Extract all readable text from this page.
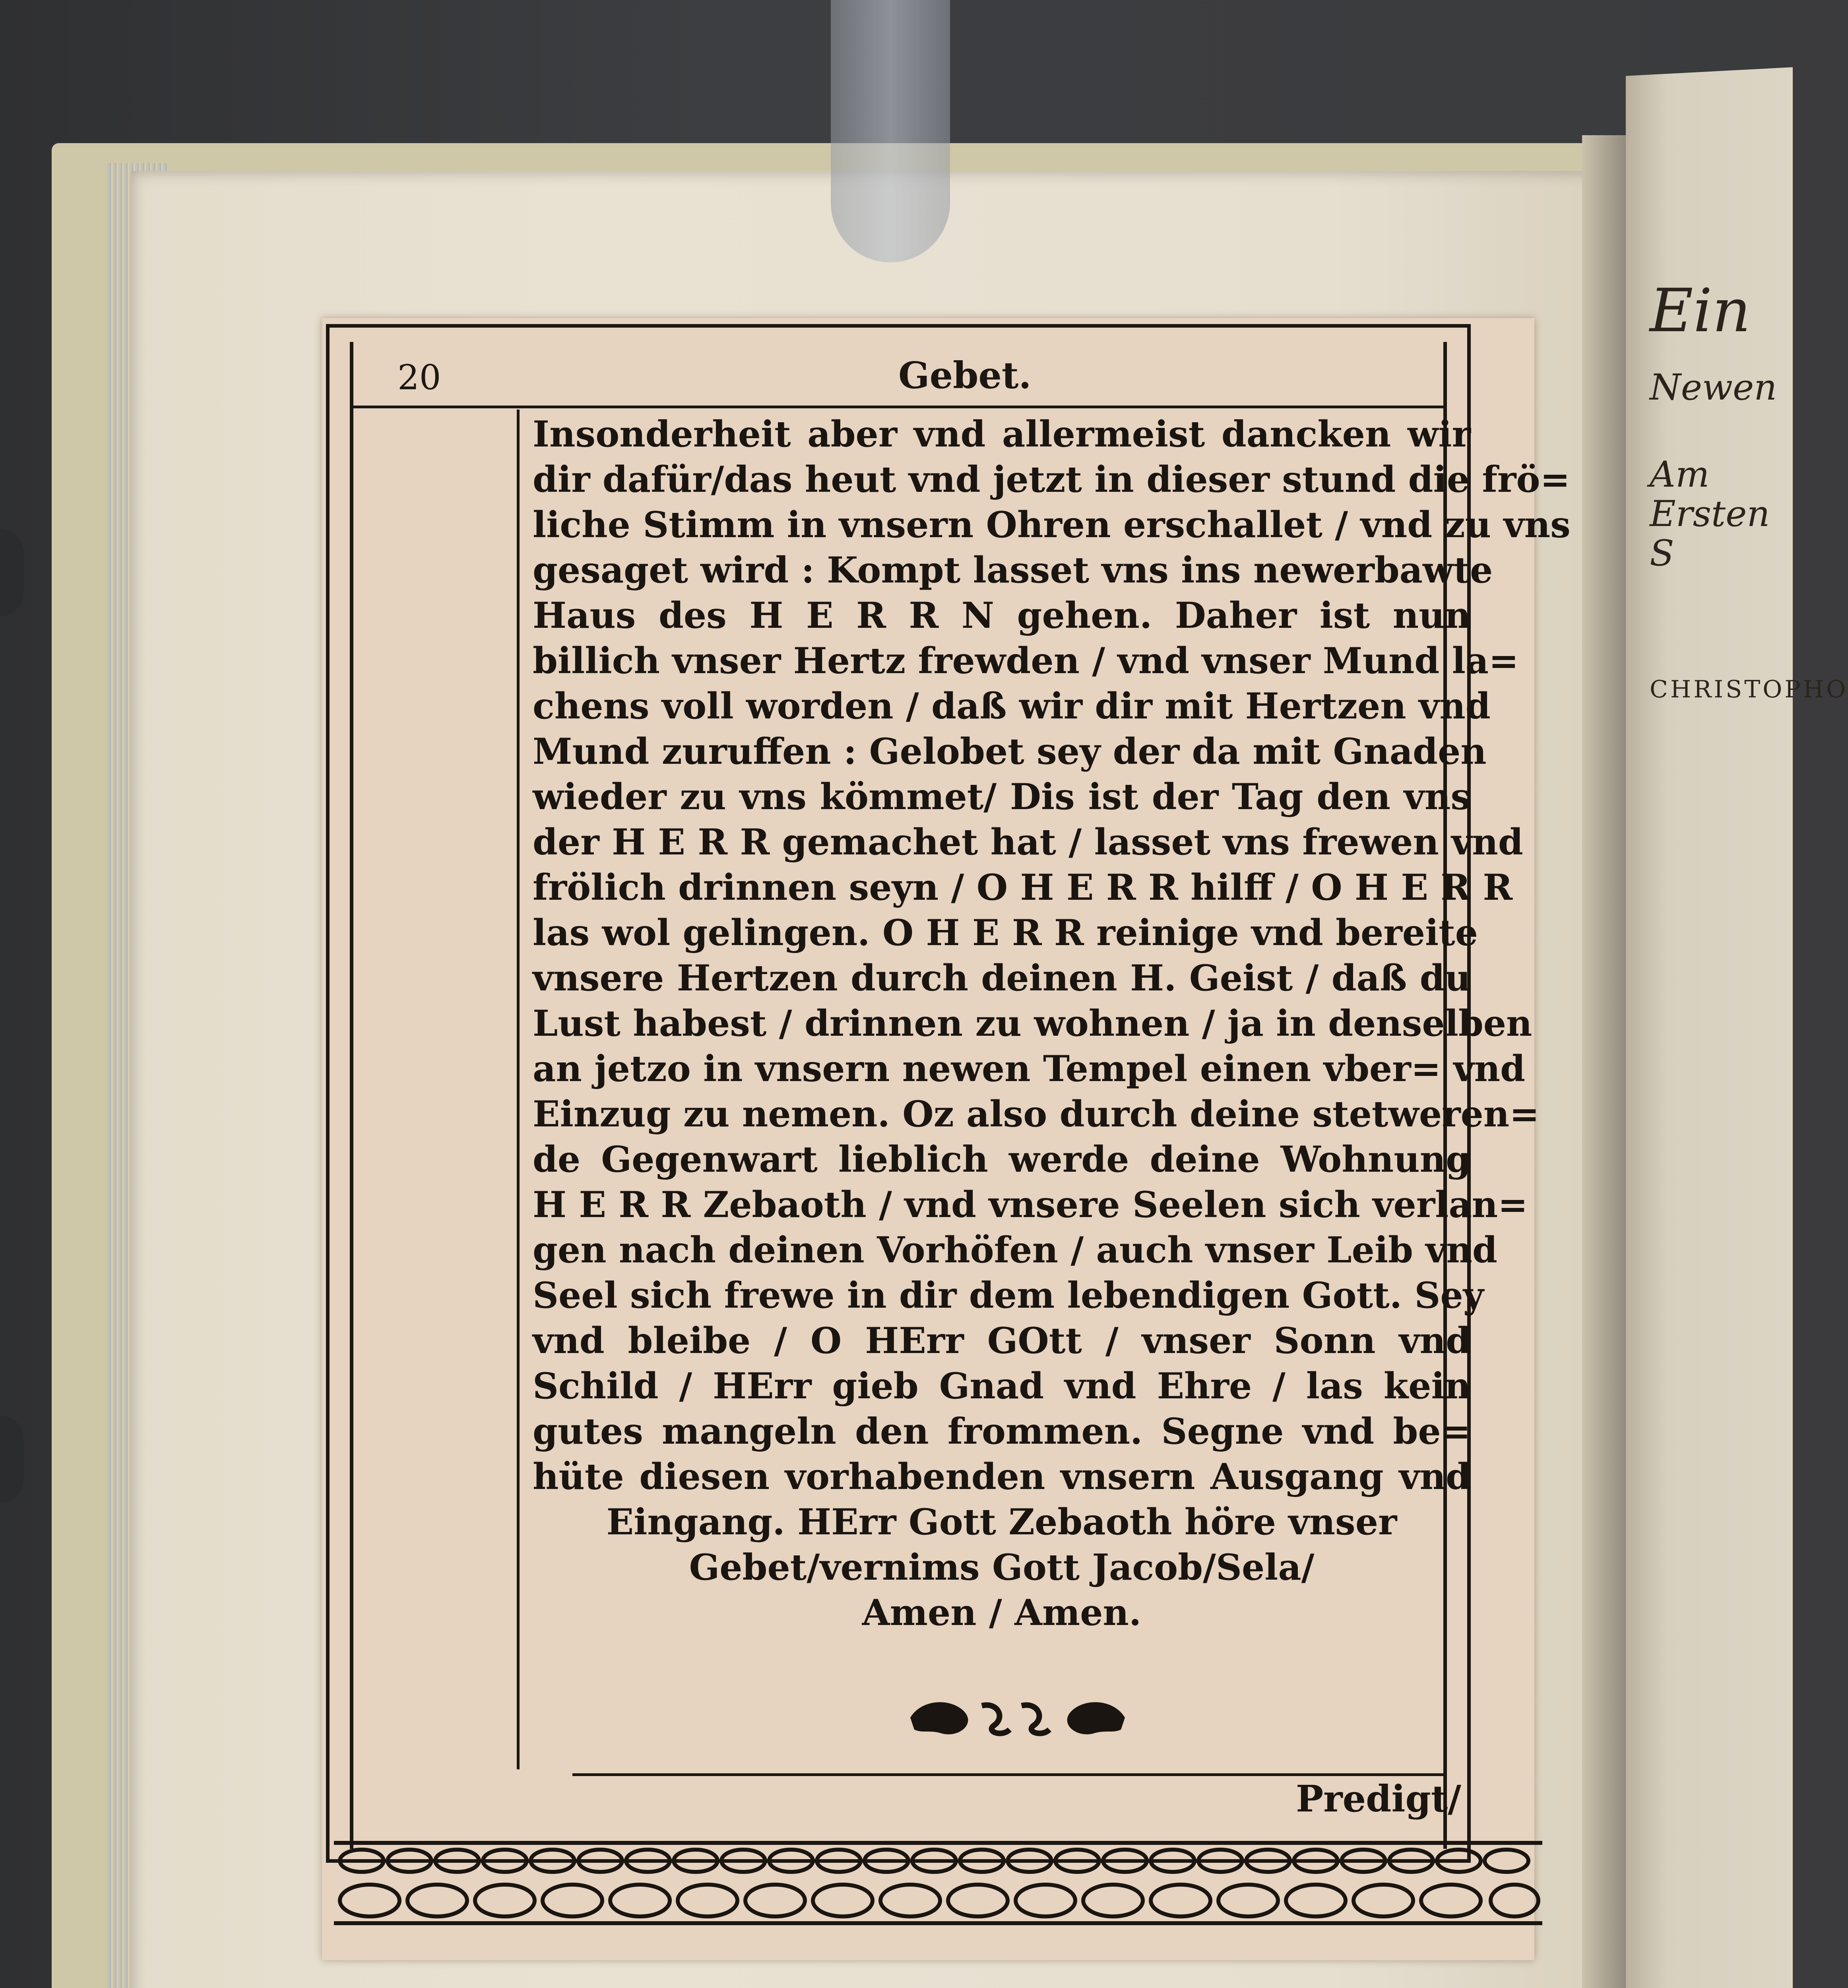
Ein
Newen
Am Ersten S
CHRISTOPHO
20	Gebet.
Insonderheit aber vnd allermeist dancken wir
dir dafür/das heut vnd jetzt in dieser stund die frö=
liche Stimm in vnsern Ohren erschallet / vnd zu vns
gesaget wird : Kompt lasset vns ins newerbawte
Haus des H E R R N gehen. Daher ist nun
billich vnser Hertz frewden / vnd vnser Mund la=
chens voll worden / daß wir dir mit Hertzen vnd
Mund zuruffen : Gelobet sey der da mit Gnaden
wieder zu vns kömmet/ Dis ist der Tag den vns
der H E R R gemachet hat / lasset vns frewen vnd
frölich drinnen seyn / O H E R R hilff / O H E R R
las wol gelingen. O H E R R reinige vnd bereite
vnsere Hertzen durch deinen H. Geist / daß du
Lust habest / drinnen zu wohnen / ja in denselben
an jetzo in vnsern newen Tempel einen vber= vnd
Einzug zu nemen. Oz also durch deine stetweren=
de Gegenwart lieblich werde deine Wohnung
H E R R Zebaoth / vnd vnsere Seelen sich verlan=
gen nach deinen Vorhöfen / auch vnser Leib vnd
Seel sich frewe in dir dem lebendigen Gott. Sey
vnd bleibe / O HErr GOtt / vnser Sonn vnd
Schild / HErr gieb Gnad vnd Ehre / las kein
gutes mangeln den frommen. Segne vnd be=
hüte diesen vorhabenden vnsern Ausgang vnd
Eingang. HErr Gott Zebaoth höre vnser
Gebet/vernims Gott Jacob/Sela/
Amen / Amen.
Predigt/
